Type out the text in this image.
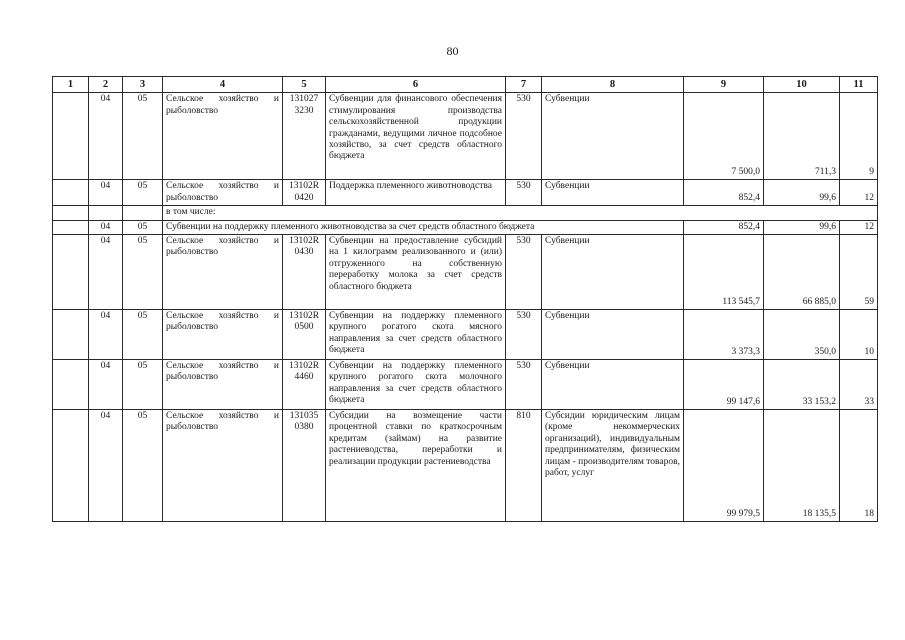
80
1	2	3	4	5	6	7	8	9	10	11
	04	05	Сельское хозяйство и рыболовство	131027 3230	Субвенции для финансового обеспечения стимулирования производства сельскохозяйственной продукции гражданами, ведущими личное подсобное хозяйство, за счет средств областного бюджета	530	Субвенции	7 500,0	711,3	9
	04	05	Сельское хозяйство и рыболовство	13102R 0420	Поддержка племенного животноводства	530	Субвенции	852,4	99,6	12
			в том числе:							
	04	05	Субвенции на поддержку племенного животноводства за счет средств областного бюджета					852,4	99,6	12
	04	05	Сельское хозяйство и рыболовство	13102R 0430	Субвенции на предоставление субсидий на 1 килограмм реализованного и (или) отгруженного на собственную переработку молока за счет средств областного бюджета	530	Субвенции	113 545,7	66 885,0	59
	04	05	Сельское хозяйство и рыболовство	13102R 0500	Субвенции на поддержку племенного крупного рогатого скота мясного направления за счет средств областного бюджета	530	Субвенции	3 373,3	350,0	10
	04	05	Сельское хозяйство и рыболовство	13102R 4460	Субвенции на поддержку племенного крупного рогатого скота молочного направления за счет средств областного бюджета	530	Субвенции	99 147,6	33 153,2	33
	04	05	Сельское хозяйство и рыболовство	131035 0380	Субсидии на возмещение части процентной ставки по краткосрочным кредитам (займам) на развитие растениеводства, переработки и реализации продукции растениеводства	810	Субсидии юридическим лицам (кроме некоммерческих организаций), индивидуальным предпринимателям, физическим лицам - производителям товаров, работ, услуг	99 979,5	18 135,5	18
